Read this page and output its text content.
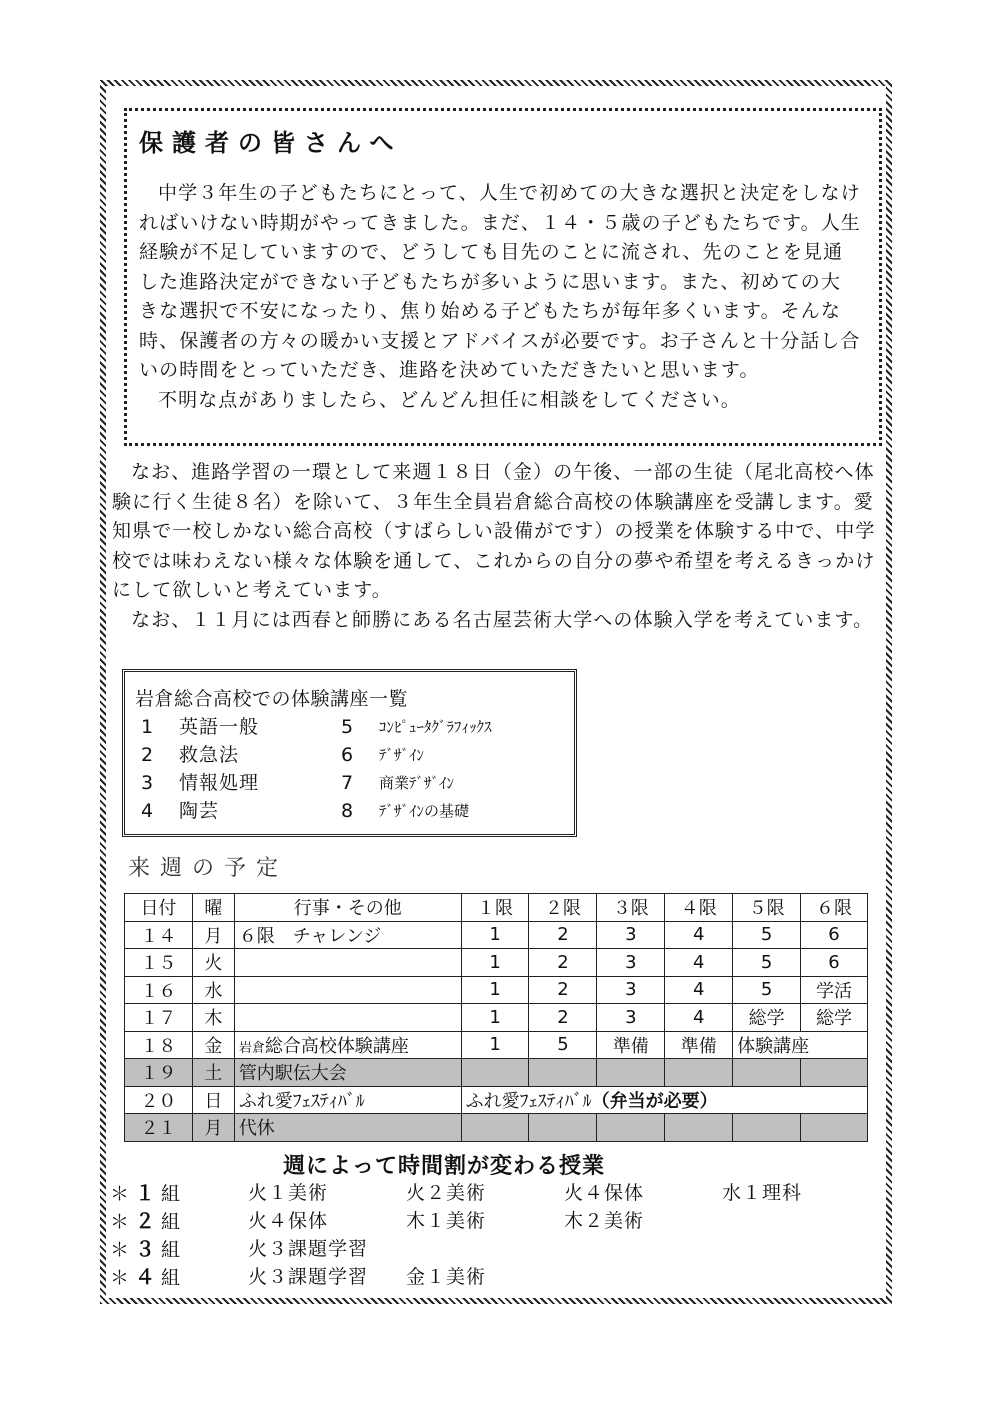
保護者の皆さんへ

中学３年生の子どもたちにとって、人生で初めての大きな選択と決定をしなければいけない時期がやってきました。まだ、１４・５歳の子どもたちです。人生経験が不足していますので、どうしても目先のことに流され、先のことを見通した進路決定ができない子どもたちが多いように思います。また、初めての大きな選択で不安になったり、焦り始める子どもたちが毎年多くいます。そんな時、保護者の方々の暖かい支援とアドバイスが必要です。お子さんと十分話し合いの時間をとっていただき、進路を決めていただきたいと思います。

不明な点がありましたら、どんどん担任に相談をしてください。

なお、進路学習の一環として来週１８日（金）の午後、一部の生徒（尾北高校へ体験に行く生徒８名）を除いて、３年生全員岩倉総合高校の体験講座を受講します。愛知県で一校しかない総合高校（すばらしい設備がです）の授業を体験する中で、中学校では味わえない様々な体験を通して、これからの自分の夢や希望を考えるきっかけにして欲しいと考えています。

なお、１１月には西春と師勝にある名古屋芸術大学への体験入学を考えています。

岩倉総合高校での体験講座一覧
1	英語一般	5	ｺﾝﾋﾟｭｰﾀｸﾞﾗﾌｨｯｸｽ
2	救急法	6	ﾃﾞｻﾞｲﾝ
3	情報処理	7	商業ﾃﾞｻﾞｲﾝ
4	陶芸	8	ﾃﾞｻﾞｲﾝの基礎
来週の予定
日付	曜	行事・その他	１限	２限	３限	４限	５限	６限
１４	月	６限　チャレンジ	1	2	3	4	5	6
１５	火		1	2	3	4	5	6
１６	水		1	2	3	4	5	学活
１７	木		1	2	3	4	総学	総学
１８	金	岩倉総合高校体験講座	1	5	準備	準備	体験講座	
１９	土	管内駅伝大会						
２０	日	ふれ愛ﾌｪｽﾃｨﾊﾞﾙ	ふれ愛ﾌｪｽﾃｨﾊﾞﾙ（弁当が必要）					
２１	月	代休						
週によって時間割が変わる授業
＊１組	火１美術	火２美術	火４保体	水１理科
＊２組	火４保体	木１美術	木２美術
＊３組	火３課題学習
＊４組	火３課題学習	金１美術
